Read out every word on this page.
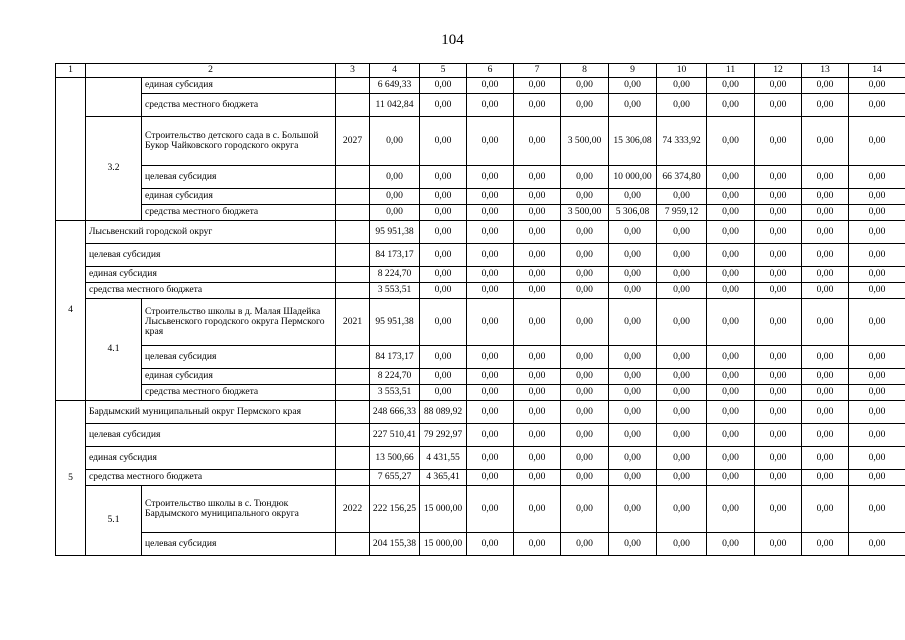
104
1	2		3	4	5	6	7	8	9	10	11	12	13	14
		единая субсидия		6 649,33	0,00	0,00	0,00	0,00	0,00	0,00	0,00	0,00	0,00	0,00
		средства местного бюджета		11 042,84	0,00	0,00	0,00	0,00	0,00	0,00	0,00	0,00	0,00	0,00
	3.2	Строительство детского сада в с. Большой Букор Чайковского городского округа	2027	0,00	0,00	0,00	0,00	3 500,00	15 306,08	74 333,92	0,00	0,00	0,00	0,00
		целевая субсидия		0,00	0,00	0,00	0,00	0,00	10 000,00	66 374,80	0,00	0,00	0,00	0,00
		единая субсидия		0,00	0,00	0,00	0,00	0,00	0,00	0,00	0,00	0,00	0,00	0,00
		средства местного бюджета		0,00	0,00	0,00	0,00	3 500,00	5 306,08	7 959,12	0,00	0,00	0,00	0,00
4	Лысьвенский городской округ			95 951,38	0,00	0,00	0,00	0,00	0,00	0,00	0,00	0,00	0,00	0,00
	целевая субсидия			84 173,17	0,00	0,00	0,00	0,00	0,00	0,00	0,00	0,00	0,00	0,00
	единая субсидия			8 224,70	0,00	0,00	0,00	0,00	0,00	0,00	0,00	0,00	0,00	0,00
	средства местного бюджета			3 553,51	0,00	0,00	0,00	0,00	0,00	0,00	0,00	0,00	0,00	0,00
	4.1	Строительство школы в д. Малая Шадейка Лысьвенского городского округа Пермского края	2021	95 951,38	0,00	0,00	0,00	0,00	0,00	0,00	0,00	0,00	0,00	0,00
		целевая субсидия		84 173,17	0,00	0,00	0,00	0,00	0,00	0,00	0,00	0,00	0,00	0,00
		единая субсидия		8 224,70	0,00	0,00	0,00	0,00	0,00	0,00	0,00	0,00	0,00	0,00
		средства местного бюджета		3 553,51	0,00	0,00	0,00	0,00	0,00	0,00	0,00	0,00	0,00	0,00
5	Бардымский муниципальный округ Пермского края			248 666,33	88 089,92	0,00	0,00	0,00	0,00	0,00	0,00	0,00	0,00	0,00
	целевая субсидия			227 510,41	79 292,97	0,00	0,00	0,00	0,00	0,00	0,00	0,00	0,00	0,00
	единая субсидия			13 500,66	4 431,55	0,00	0,00	0,00	0,00	0,00	0,00	0,00	0,00	0,00
	средства местного бюджета			7 655,27	4 365,41	0,00	0,00	0,00	0,00	0,00	0,00	0,00	0,00	0,00
	5.1	Строительство школы в с. Тюндюк Бардымского муниципального округа	2022	222 156,25	15 000,00	0,00	0,00	0,00	0,00	0,00	0,00	0,00	0,00	0,00
		целевая субсидия		204 155,38	15 000,00	0,00	0,00	0,00	0,00	0,00	0,00	0,00	0,00	0,00
